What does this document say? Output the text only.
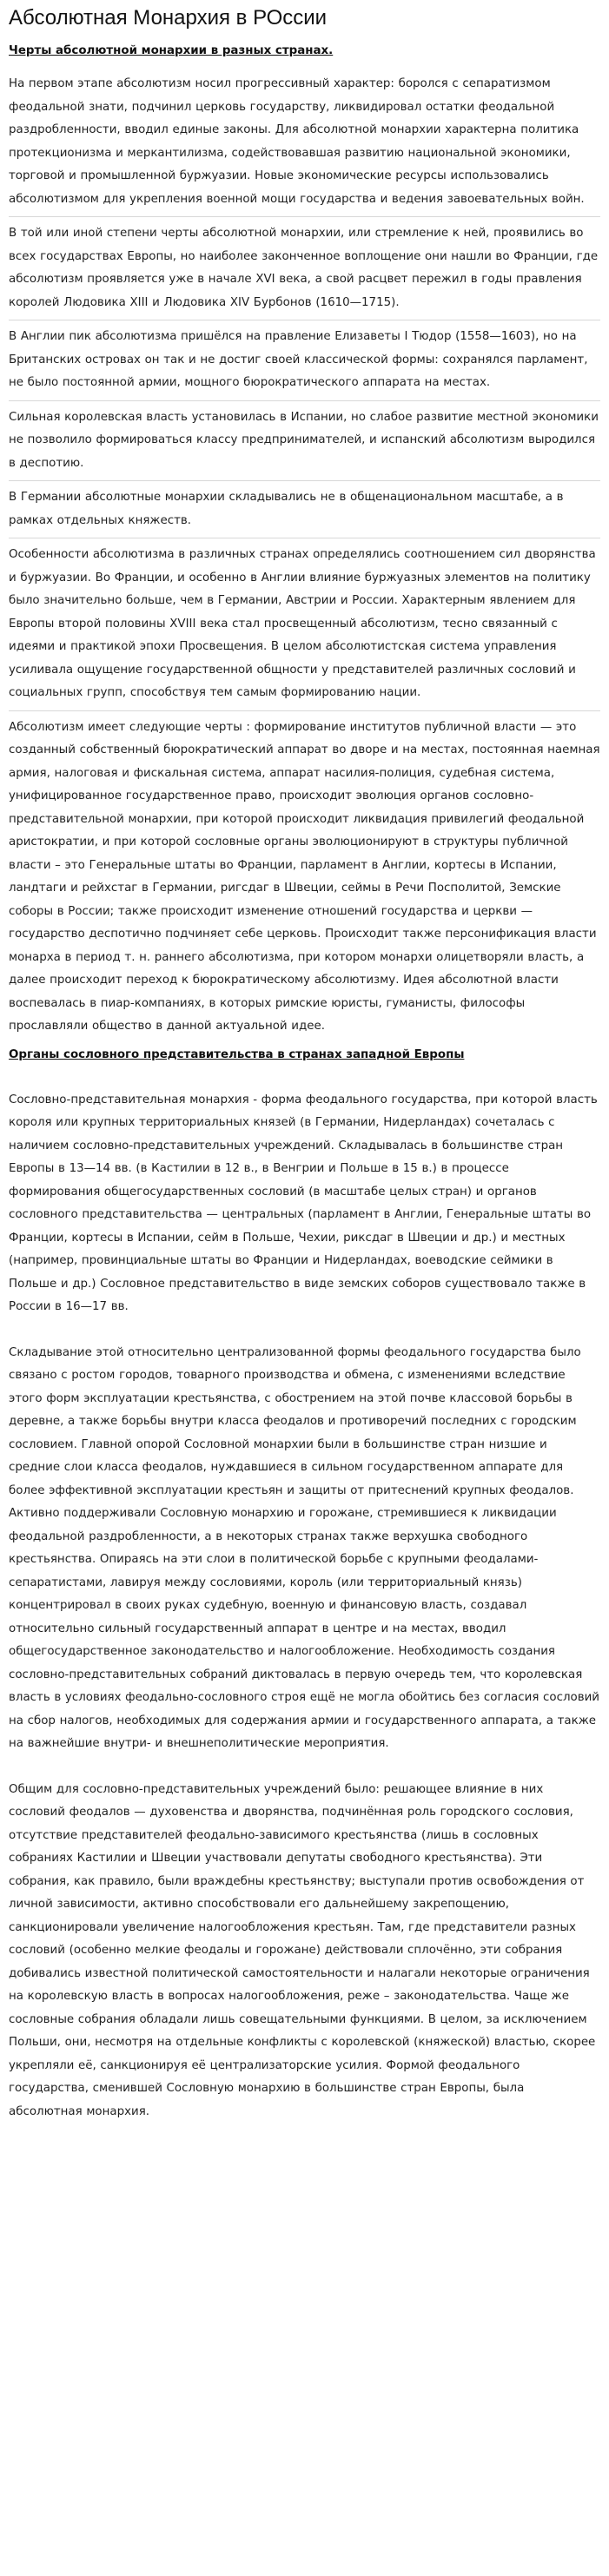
Абсолютная Монархия в РОссии
Черты абсолютной монархии в разных странах.

На первом этапе абсолютизм носил прогрессивный характер: боролся с сепаратизмом феодальной знати, подчинил церковь государству, ликвидировал остатки феодальной раздробленности, вводил единые законы. Для абсолютной монархии характерна политика протекционизма и меркантилизма, содействовавшая развитию национальной экономики, торговой и промышленной буржуазии. Новые экономические ресурсы использовались абсолютизмом для укрепления военной мощи государства и ведения завоевательных войн.

В той или иной степени черты абсолютной монархии, или стремление к ней, проявились во всех государствах Европы, но наиболее законченное воплощение они нашли во Франции, где абсолютизм проявляется уже в начале XVI века, а свой расцвет пережил в годы правления королей Людовика XIII и Людовика XIV Бурбонов (1610—1715).

В Англии пик абсолютизма пришёлся на правление Елизаветы I Тюдор (1558—1603), но на Британских островах он так и не достиг своей классической формы: сохранялся парламент, не было постоянной армии, мощного бюрократического аппарата на местах.

Сильная королевская власть установилась в Испании, но слабое развитие местной экономики не позволило формироваться классу предпринимателей, и испанский абсолютизм выродился в деспотию.

В Германии абсолютные монархии складывались не в общенациональном масштабе, а в рамках отдельных княжеств.

Особенности абсолютизма в различных странах определялись соотношением сил дворянства и буржуазии. Во Франции, и особенно в Англии влияние буржуазных элементов на политику было значительно больше, чем в Германии, Австрии и России. Характерным явлением для Европы второй половины XVIII века стал просвещенный абсолютизм, тесно связанный с идеями и практикой эпохи Просвещения. В целом абсолютистская система управления усиливала ощущение государственной общности у представителей различных сословий и социальных групп, способствуя тем самым формированию нации.

Абсолютизм имеет следующие черты : формирование институтов публичной власти — это созданный собственный бюрократический аппарат во дворе и на местах, постоянная наемная армия, налоговая и фискальная система, аппарат насилия-полиция, судебная система, унифицированное государственное право, происходит эволюция органов сословно-представительной монархии, при которой происходит ликвидация привилегий феодальной аристократии, и при которой сословные органы эволюционируют в структуры публичной власти – это Генеральные штаты во Франции, парламент в Англии, кортесы в Испании, ландтаги и рейхстаг в Германии, ригсдаг в Швеции, сеймы в Речи Посполитой, Земские соборы в России; также происходит изменение отношений государства и церкви — государство деспотично подчиняет себе церковь. Происходит также персонификация власти монарха в период т. н. раннего абсолютизма, при котором монархи олицетворяли власть, а далее происходит переход к бюрократическому абсолютизму. Идея абсолютной власти воспевалась в пиар-компаниях, в которых римские юристы, гуманисты, философы прославляли общество в данной актуальной идее.

Органы сословного представительства в странах западной Европы

Сословно-представительная монархия - форма феодального государства, при которой власть короля или крупных территориальных князей (в Германии, Нидерландах) сочеталась с наличием сословно-представительных учреждений. Складывалась в большинстве стран Европы в 13—14 вв. (в Кастилии в 12 в., в Венгрии и Польше в 15 в.) в процессе формирования общегосударственных сословий (в масштабе целых стран) и органов сословного представительства — центральных (парламент в Англии, Генеральные штаты во Франции, кортесы в Испании, сейм в Польше, Чехии, риксдаг в Швеции и др.) и местных (например, провинциальные штаты во Франции и Нидерландах, воеводские сеймики в Польше и др.) Сословное представительство в виде земских соборов существовало также в России в 16—17 вв.

Складывание этой относительно централизованной формы феодального государства было связано с ростом городов, товарного производства и обмена, с изменениями вследствие этого форм эксплуатации крестьянства, с обострением на этой почве классовой борьбы в деревне, а также борьбы внутри класса феодалов и противоречий последних с городским сословием. Главной опорой Сословной монархии были в большинстве стран низшие и средние слои класса феодалов, нуждавшиеся в сильном государственном аппарате для более эффективной эксплуатации крестьян и защиты от притеснений крупных феодалов. Активно поддерживали Сословную монархию и горожане, стремившиеся к ликвидации феодальной раздробленности, а в некоторых странах также верхушка свободного крестьянства. Опираясь на эти слои в политической борьбе с крупными феодалами-сепаратистами, лавируя между сословиями, король (или территориальный князь) концентрировал в своих руках судебную, военную и финансовую власть, создавал относительно сильный государственный аппарат в центре и на местах, вводил общегосударственное законодательство и налогообложение. Необходимость создания сословно-представительных собраний диктовалась в первую очередь тем, что королевская власть в условиях феодально-сословного строя ещё не могла обойтись без согласия сословий на сбор налогов, необходимых для содержания армии и государственного аппарата, а также на важнейшие внутри- и внешнеполитические мероприятия.

Общим для сословно-представительных учреждений было: решающее влияние в них сословий феодалов — духовенства и дворянства, подчинённая роль городского сословия, отсутствие представителей феодально-зависимого крестьянства (лишь в сословных собраниях Кастилии и Швеции участвовали депутаты свободного крестьянства). Эти собрания, как правило, были враждебны крестьянству; выступали против освобождения от личной зависимости, активно способствовали его дальнейшему закрепощению, санкционировали увеличение налогообложения крестьян. Там, где представители разных сословий (особенно мелкие феодалы и горожане) действовали сплочённо, эти собрания добивались известной политической самостоятельности и налагали некоторые ограничения на королевскую власть в вопросах налогообложения, реже – законодательства. Чаще же сословные собрания обладали лишь совещательными функциями. В целом, за исключением Польши, они, несмотря на отдельные конфликты с королевской (княжеской) властью, скорее укрепляли её, санкционируя её централизаторские усилия. Формой феодального государства, сменившей Сословную монархию в большинстве стран Европы, была абсолютная монархия.
